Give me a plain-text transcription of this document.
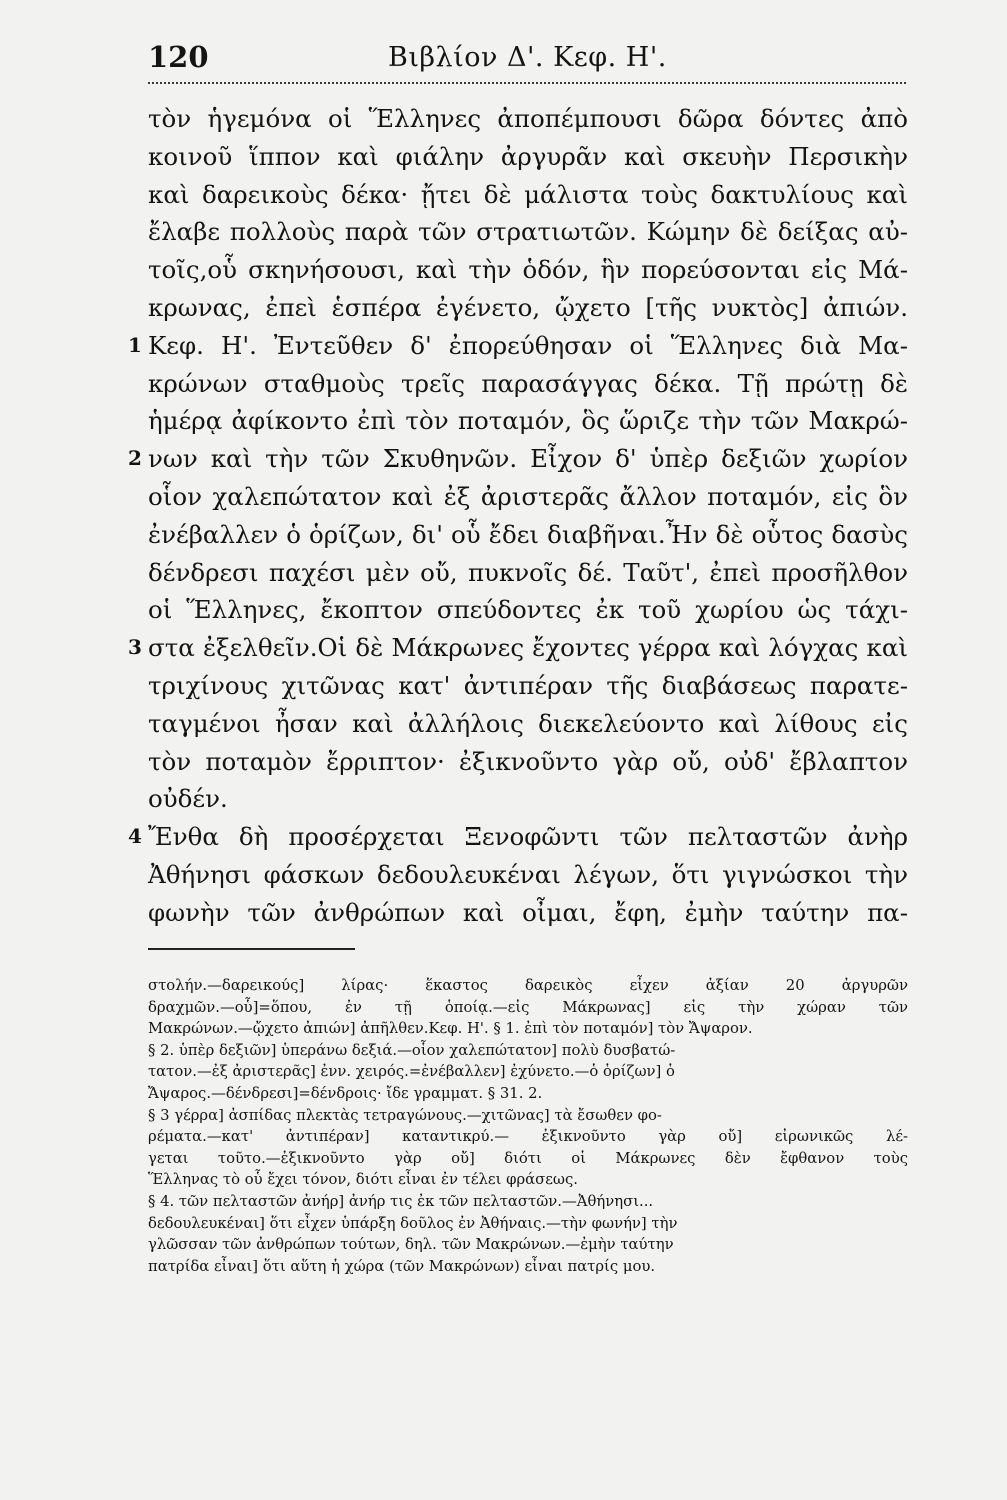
120	Βιβλίον Δ'. Κεφ. Η'.
τὸν ἡγεμόνα οἱ Ἕλληνες ἀποπέμπουσι δῶρα δόντες ἀπὸ
κοινοῦ ἵππον καὶ φιάλην ἀργυρᾶν καὶ σκευὴν Περσικὴν
καὶ δαρεικοὺς δέκα· ᾔτει δὲ μάλιστα τοὺς δακτυλίους καὶ
ἔλαβε πολλοὺς παρὰ τῶν στρατιωτῶν. Κώμην δὲ δείξας αὐ-
τοῖς,οὗ σκηνήσουσι, καὶ τὴν ὁδόν, ἣν πορεύσονται εἰς Μά-
κρωνας, ἐπεὶ ἑσπέρα ἐγένετο, ᾤχετο [τῆς νυκτὸς] ἀπιών.
1 Κεφ. Η'. Ἐντεῦθεν δ' ἐπορεύθησαν οἱ Ἕλληνες διὰ Μα-
κρώνων σταθμοὺς τρεῖς παρασάγγας δέκα. Τῇ πρώτῃ δὲ
ἡμέρᾳ ἀφίκοντο ἐπὶ τὸν ποταμόν, ὃς ὥριζε τὴν τῶν Μακρώ-
2 νων καὶ τὴν τῶν Σκυθηνῶν. Εἶχον δ' ὑπὲρ δεξιῶν χωρίον
οἷον χαλεπώτατον καὶ ἐξ ἀριστερᾶς ἄλλον ποταμόν, εἰς ὃν
ἐνέβαλλεν ὁ ὁρίζων, δι' οὗ ἔδει διαβῆναι.Ἦν δὲ οὗτος δασὺς
δένδρεσι παχέσι μὲν οὔ, πυκνοῖς δέ. Ταῦτ', ἐπεὶ προσῆλθον
οἱ Ἕλληνες, ἔκοπτον σπεύδοντες ἐκ τοῦ χωρίου ὡς τάχι-
3 στα ἐξελθεῖν.Οἱ δὲ Μάκρωνες ἔχοντες γέρρα καὶ λόγχας καὶ
τριχίνους χιτῶνας κατ' ἀντιπέραν τῆς διαβάσεως παρατε-
ταγμένοι ἦσαν καὶ ἀλλήλοις διεκελεύοντο καὶ λίθους εἰς
τὸν ποταμὸν ἔρριπτον· ἐξικνοῦντο γὰρ οὔ, οὐδ' ἔβλαπτον
οὐδέν.
4 Ἔνθα δὴ προσέρχεται Ξενοφῶντι τῶν πελταστῶν ἀνὴρ
Ἀθήνησι φάσκων δεδουλευκέναι λέγων, ὅτι γιγνώσκοι τὴν
φωνὴν τῶν ἀνθρώπων καὶ οἶμαι, ἔφη, ἐμὴν ταύτην πα-
στολήν.—δαρεικούς] λίρας· ἕκαστος δαρεικὸς εἶχεν ἀξίαν 20 ἀργυρῶνδραχμῶν.—οὗ]=ὅπου, ἐν τῇ ὁποίᾳ.—εἰς Μάκρωνας] εἰς τὴν χώραν τῶνΜακρώνων.—ᾤχετο ἀπιών] ἀπῆλθεν.Κεφ. Η'. § 1. ἐπὶ τὸν ποταμόν] τὸν Ἄψαρον.§ 2. ὑπὲρ δεξιῶν] ὑπεράνω δεξιά.—οἷον χαλεπώτατον] πολὺ δυσβατώ-τατον.—ἐξ ἀριστερᾶς] ἐνν. χειρός.=ἐνέβαλλεν] ἐχύνετο.—ὁ ὁρίζων] ὁἌψαρος.—δένδρεσι]=δένδροις· ἴδε γραμματ. § 31. 2.§ 3 γέρρα] ἀσπίδας πλεκτὰς τετραγώνους.—χιτῶνας] τὰ ἔσωθεν φο-ρέματα.—κατ' ἀντιπέραν] καταντικρύ.— ἐξικνοῦντο γὰρ οὔ] εἰρωνικῶς λέ-γεται τοῦτο.—ἐξικνοῦντο γὰρ οὔ] διότι οἱ Μάκρωνες δὲν ἔφθανον τοὺςἝλληνας τὸ οὗ ἔχει τόνον, διότι εἶναι ἐν τέλει φράσεως.§ 4. τῶν πελταστῶν ἀνήρ] ἀνήρ τις ἐκ τῶν πελταστῶν.—Ἀθήνησι...δεδουλευκέναι] ὅτι εἶχεν ὑπάρξη δοῦλος ἐν Ἀθήναις.—τὴν φωνήν] τὴνγλῶσσαν τῶν ἀνθρώπων τούτων, δηλ. τῶν Μακρώνων.—ἐμὴν ταύτηνπατρίδα εἶναι] ὅτι αὕτη ἡ χώρα (τῶν Μακρώνων) εἶναι πατρίς μου.
